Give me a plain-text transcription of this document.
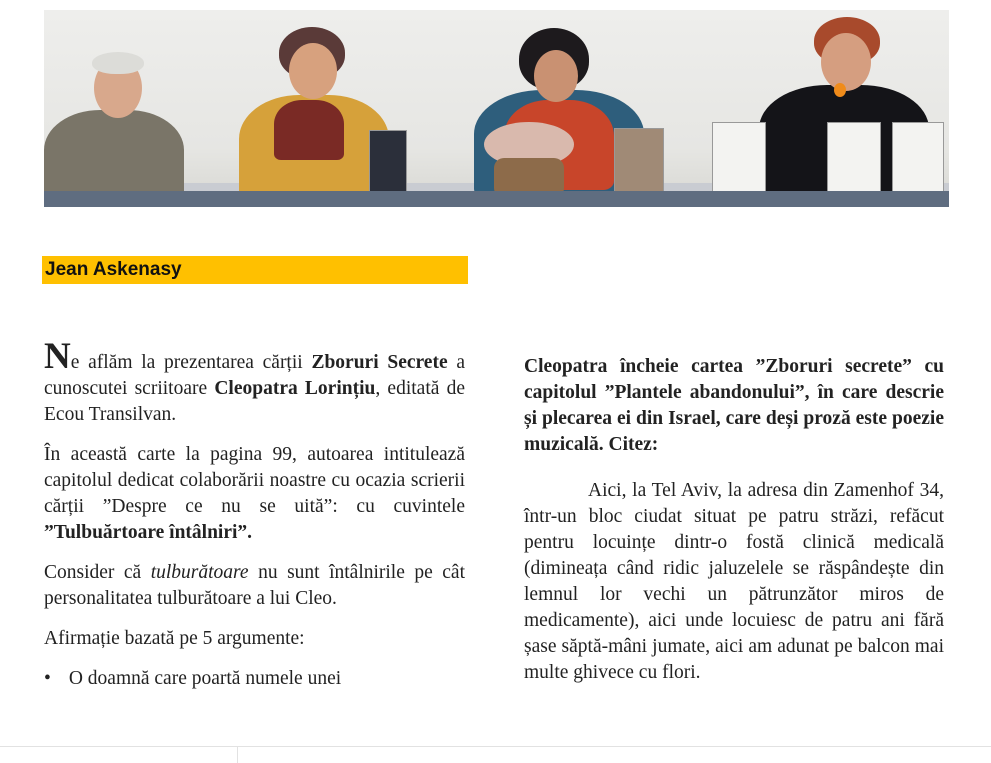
Jean Askenasy

Ne aflăm la prezentarea cărții Zboruri Secrete a cunoscutei scriitoare Cleopatra Lorințiu, editată de Ecou Transilvan.

În această carte la pagina 99, autoarea intitulează capitolul dedicat colaborării noastre cu ocazia scrierii cărții ”Despre ce nu se uită”: cu cuvintele ”Tulbuărtoare întâlniri”.

Consider că tulburătoare nu sunt întâlnirile pe cât personalitatea tulburătoare a lui Cleo.

Afirmație bazată pe 5 argumente:

• O doamnă care poartă numele unei

Cleopatra încheie cartea ”Zboruri secrete” cu capitolul ”Plantele abandonului”, în care descrie și plecarea ei din Israel, care deși proză este poezie muzicală. Citez:

Aici, la Tel Aviv, la adresa din Zamenhof 34, într-un bloc ciudat situat pe patru străzi, refăcut pentru locuințe dintr-o fostă clinică medicală (dimineața când ridic jaluzelele se răspândește din lemnul lor vechi un pătrunzător miros de medicamente), aici unde locuiesc de patru ani fără șase săptă-mâni jumate, aici am adunat pe balcon mai multe ghivece cu flori.
